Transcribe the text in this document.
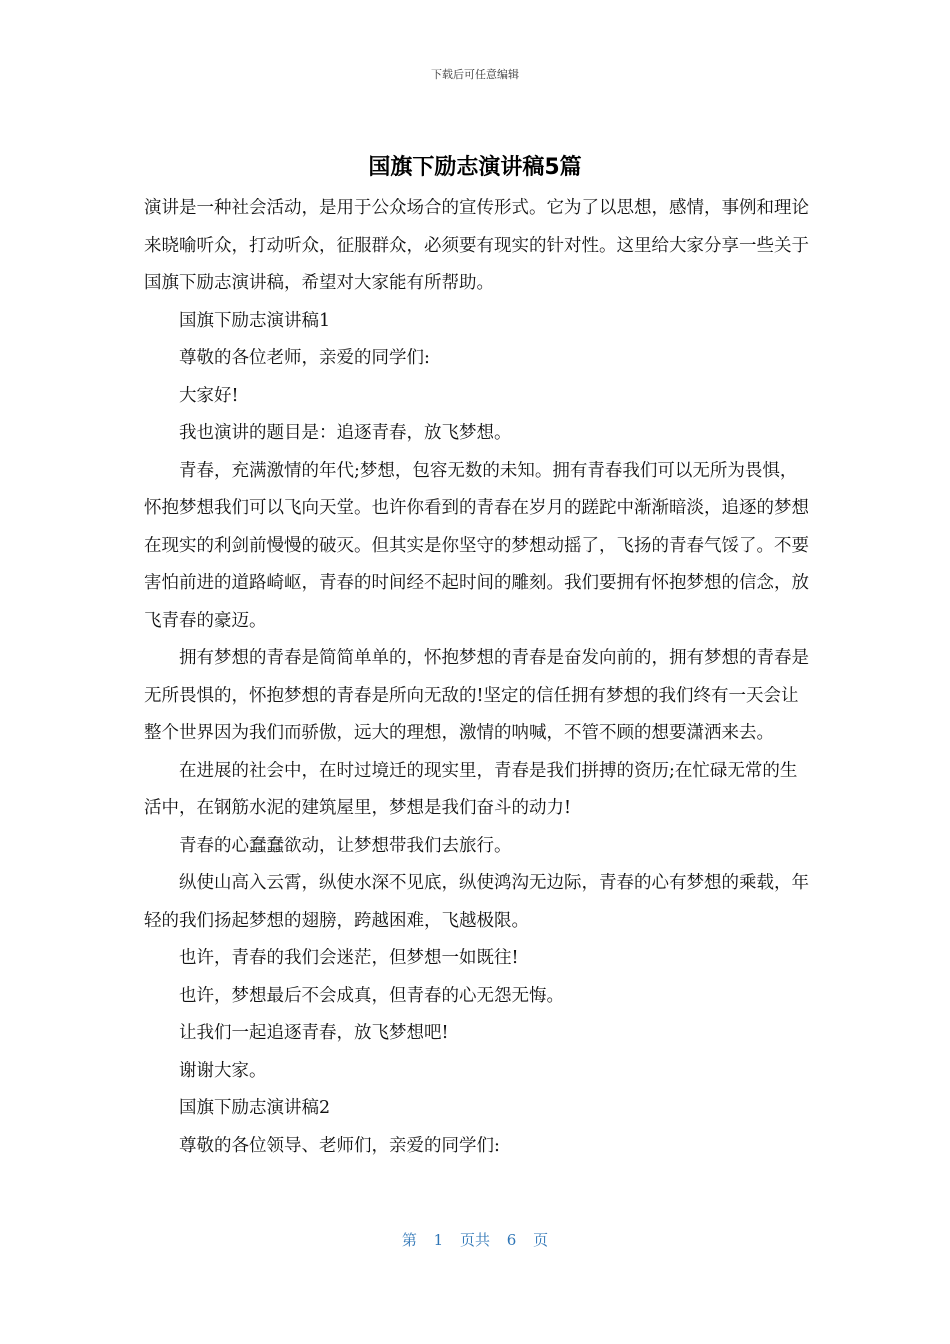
下载后可任意编辑
国旗下励志演讲稿5篇

演讲是一种社会活动，是用于公众场合的宣传形式。它为了以思想，感情，事例和理论来晓喻听众，打动听众，征服群众，必须要有现实的针对性。这里给大家分享一些关于国旗下励志演讲稿，希望对大家能有所帮助。

国旗下励志演讲稿1

尊敬的各位老师，亲爱的同学们:

大家好!

我也演讲的题目是：追逐青春，放飞梦想。

青春，充满激情的年代;梦想，包容无数的未知。拥有青春我们可以无所为畏惧，怀抱梦想我们可以飞向天堂。也许你看到的青春在岁月的蹉跎中渐渐暗淡，追逐的梦想在现实的利剑前慢慢的破灭。但其实是你坚守的梦想动摇了，飞扬的青春气馁了。不要害怕前进的道路崎岖，青春的时间经不起时间的雕刻。我们要拥有怀抱梦想的信念，放飞青春的豪迈。

拥有梦想的青春是简简单单的，怀抱梦想的青春是奋发向前的，拥有梦想的青春是无所畏惧的，怀抱梦想的青春是所向无敌的!坚定的信任拥有梦想的我们终有一天会让整个世界因为我们而骄傲，远大的理想，激情的呐喊，不管不顾的想要潇洒来去。

在进展的社会中，在时过境迁的现实里，青春是我们拼搏的资历;在忙碌无常的生活中，在钢筋水泥的建筑屋里，梦想是我们奋斗的动力!

青春的心蠢蠢欲动，让梦想带我们去旅行。

纵使山高入云霄，纵使水深不见底，纵使鸿沟无边际，青春的心有梦想的乘载，年轻的我们扬起梦想的翅膀，跨越困难，飞越极限。

也许，青春的我们会迷茫，但梦想一如既往!

也许，梦想最后不会成真，但青春的心无怨无悔。

让我们一起追逐青春，放飞梦想吧!

谢谢大家。

国旗下励志演讲稿2

尊敬的各位领导、老师们，亲爱的同学们:

第 1 页共 6 页
